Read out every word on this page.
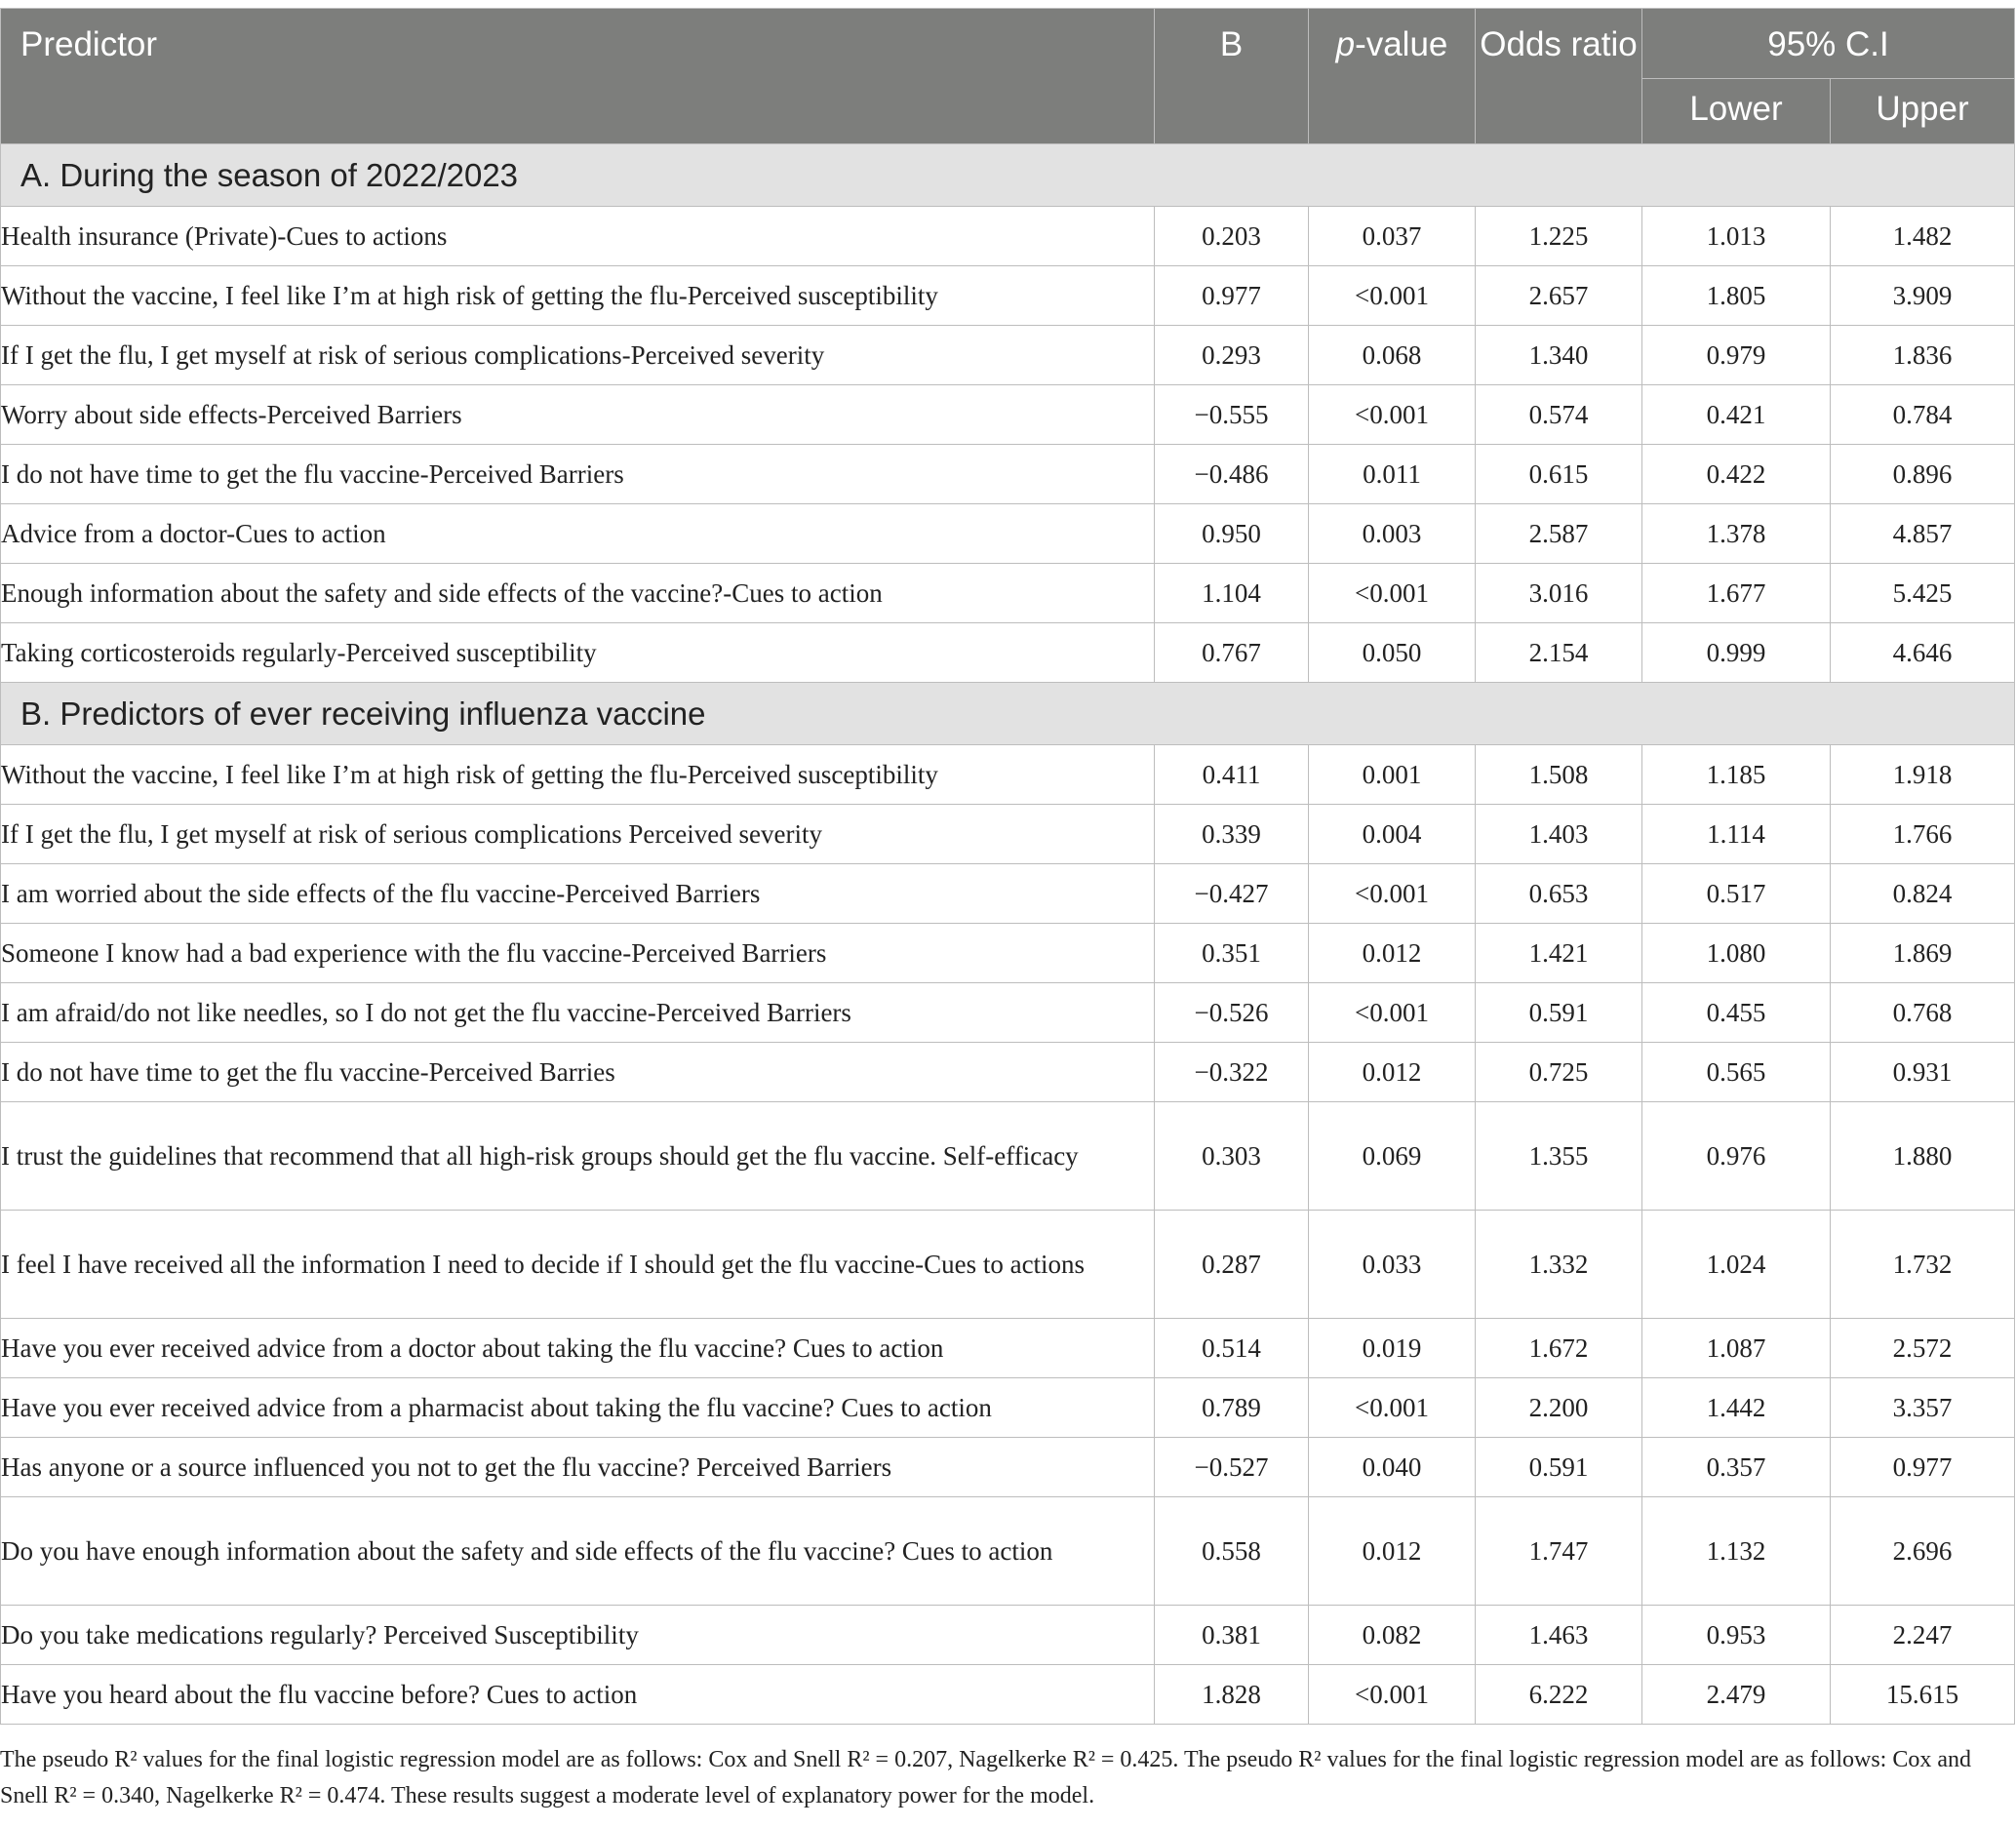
Predictor	B	p-value	Odds ratio	95% C.I	
				Lower	Upper
A. During the season of 2022/2023					
Health insurance (Private)-Cues to actions	0.203	0.037	1.225	1.013	1.482
Without the vaccine, I feel like I’m at high risk of getting the flu-Perceived susceptibility	0.977	<0.001	2.657	1.805	3.909
If I get the flu, I get myself at risk of serious complications-Perceived severity	0.293	0.068	1.340	0.979	1.836
Worry about side effects-Perceived Barriers	−0.555	<0.001	0.574	0.421	0.784
I do not have time to get the flu vaccine-Perceived Barriers	−0.486	0.011	0.615	0.422	0.896
Advice from a doctor-Cues to action	0.950	0.003	2.587	1.378	4.857
Enough information about the safety and side effects of the vaccine?-Cues to action	1.104	<0.001	3.016	1.677	5.425
Taking corticosteroids regularly-Perceived susceptibility	0.767	0.050	2.154	0.999	4.646
B. Predictors of ever receiving influenza vaccine					
Without the vaccine, I feel like I’m at high risk of getting the flu-Perceived susceptibility	0.411	0.001	1.508	1.185	1.918
If I get the flu, I get myself at risk of serious complications Perceived severity	0.339	0.004	1.403	1.114	1.766
I am worried about the side effects of the flu vaccine-Perceived Barriers	−0.427	<0.001	0.653	0.517	0.824
Someone I know had a bad experience with the flu vaccine-Perceived Barriers	0.351	0.012	1.421	1.080	1.869
I am afraid/do not like needles, so I do not get the flu vaccine-Perceived Barriers	−0.526	<0.001	0.591	0.455	0.768
I do not have time to get the flu vaccine-Perceived Barries	−0.322	0.012	0.725	0.565	0.931
I trust the guidelines that recommend that all high-risk groups should get the flu vaccine. Self-efficacy	0.303	0.069	1.355	0.976	1.880
I feel I have received all the information I need to decide if I should get the flu vaccine-Cues to actions	0.287	0.033	1.332	1.024	1.732
Have you ever received advice from a doctor about taking the flu vaccine? Cues to action	0.514	0.019	1.672	1.087	2.572
Have you ever received advice from a pharmacist about taking the flu vaccine? Cues to action	0.789	<0.001	2.200	1.442	3.357
Has anyone or a source influenced you not to get the flu vaccine? Perceived Barriers	−0.527	0.040	0.591	0.357	0.977
Do you have enough information about the safety and side effects of the flu vaccine? Cues to action	0.558	0.012	1.747	1.132	2.696
Do you take medications regularly? Perceived Susceptibility	0.381	0.082	1.463	0.953	2.247
Have you heard about the flu vaccine before? Cues to action	1.828	<0.001	6.222	2.479	15.615
The pseudo R² values for the final logistic regression model are as follows: Cox and Snell R² = 0.207, Nagelkerke R² = 0.425. The pseudo R² values for the final logistic regression model are as follows: Cox and Snell R² = 0.340, Nagelkerke R² = 0.474. These results suggest a moderate level of explanatory power for the model.
